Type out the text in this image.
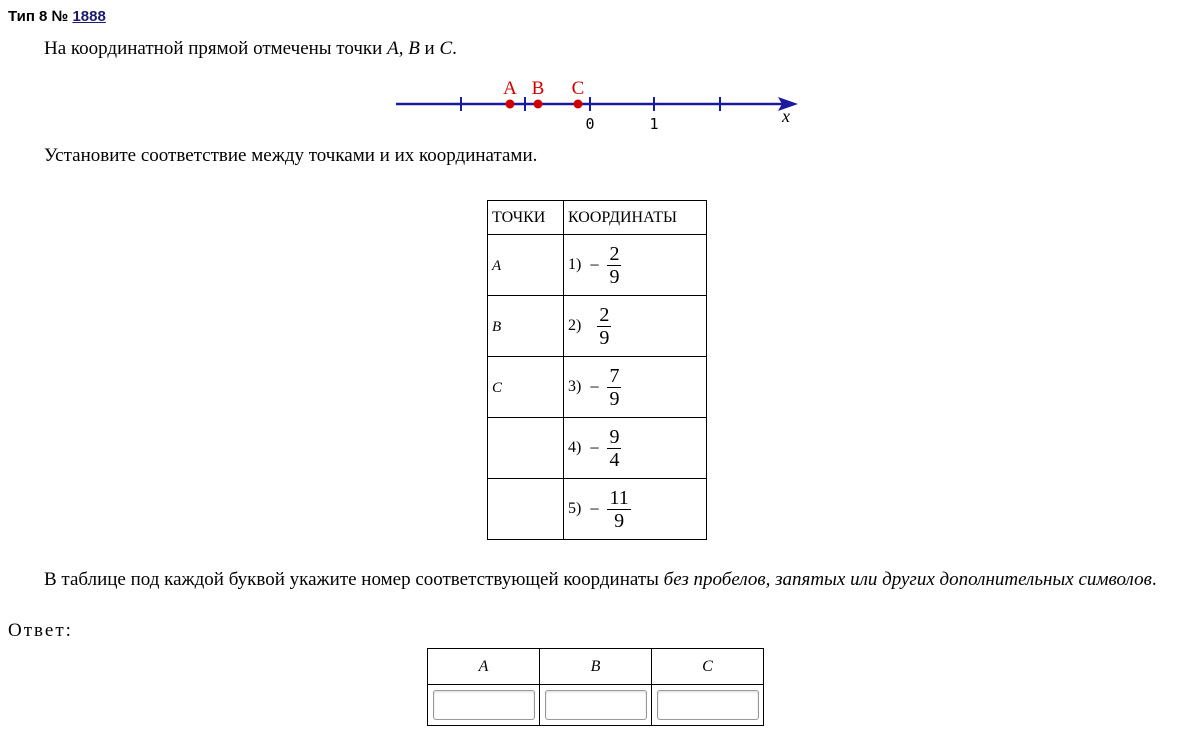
Тип 8 № 1888
На координатной прямой отмечены точки A, B и C.
A B C
0	1	x
Установите соответствие между точками и их координатами.
ТОЧКИ	КООРДИНАТЫ

A	$1) - \frac{2}{9}$

B	$2) \frac{2}{9}$

C	$3) - \frac{7}{9}$

	$4) - \frac{9}{4}$

	$5) - \frac{11}{9}$
В таблице под каждой буквой укажите номер соответствующей координаты без пробелов, запятых или других дополнительных символов.
Ответ:
A	B	C
